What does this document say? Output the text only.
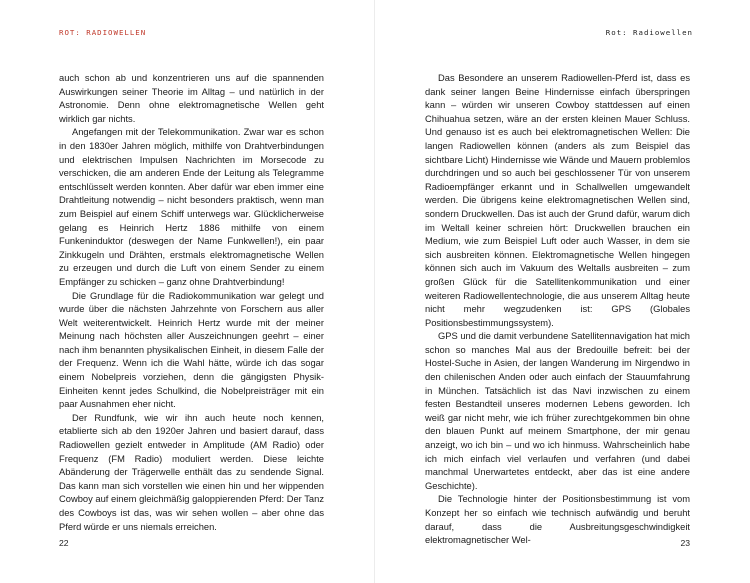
ROT: RADIOWELLEN

auch schon ab und konzentrieren uns auf die spannenden Auswirkungen seiner Theorie im Alltag – und natürlich in der Astronomie. Denn ohne elektromagnetische Wellen geht wirklich gar nichts.

Angefangen mit der Telekommunikation. Zwar war es schon in den 1830er Jahren möglich, mithilfe von Drahtverbindungen und elektrischen Impulsen Nachrichten im Morsecode zu verschicken, die am anderen Ende der Leitung als Telegramme entschlüsselt werden konnten. Aber dafür war eben immer eine Drahtleitung notwendig – nicht besonders praktisch, wenn man zum Beispiel auf einem Schiff unterwegs war. Glücklicherweise gelang es Heinrich Hertz 1886 mithilfe von einem Funkeninduktor (deswegen der Name Funkwellen!), ein paar Zinkkugeln und Drähten, erstmals elektromagnetische Wellen zu erzeugen und durch die Luft von einem Sender zu einem Empfänger zu schicken – ganz ohne Drahtverbindung!

Die Grundlage für die Radiokommunikation war gelegt und wurde über die nächsten Jahrzehnte von Forschern aus aller Welt weiterentwickelt. Heinrich Hertz wurde mit der meiner Meinung nach höchsten aller Auszeichnungen geehrt – einer nach ihm benannten physikalischen Einheit, in diesem Falle der der Frequenz. Wenn ich die Wahl hätte, würde ich das sogar einem Nobelpreis vorziehen, denn die gängigsten Physik-Einheiten kennt jedes Schulkind, die Nobelpreisträger mit ein paar Ausnahmen eher nicht.

Der Rundfunk, wie wir ihn auch heute noch kennen, etablierte sich ab den 1920er Jahren und basiert darauf, dass Radiowellen gezielt entweder in Amplitude (AM Radio) oder Frequenz (FM Radio) moduliert werden. Diese leichte Abänderung der Trägerwelle enthält das zu sendende Signal. Das kann man sich vorstellen wie einen hin und her wippenden Cowboy auf einem gleichmäßig galoppierenden Pferd: Der Tanz des Cowboys ist das, was wir sehen wollen – aber ohne das Pferd würde er uns niemals erreichen.

22
Rot: Radiowellen

Das Besondere an unserem Radiowellen-Pferd ist, dass es dank seiner langen Beine Hindernisse einfach überspringen kann – würden wir unseren Cowboy stattdessen auf einen Chihuahua setzen, wäre an der ersten kleinen Mauer Schluss. Und genauso ist es auch bei elektromagnetischen Wellen: Die langen Radiowellen können (anders als zum Beispiel das sichtbare Licht) Hindernisse wie Wände und Mauern problemlos durchdringen und so auch bei geschlossener Tür von unserem Radioempfänger erkannt und in Schallwellen umgewandelt werden. Die übrigens keine elektromagnetischen Wellen sind, sondern Druckwellen. Das ist auch der Grund dafür, warum dich im Weltall keiner schreien hört: Druckwellen brauchen ein Medium, wie zum Beispiel Luft oder auch Wasser, in dem sie sich ausbreiten können. Elektromagnetische Wellen hingegen können sich auch im Vakuum des Weltalls ausbreiten – zum großen Glück für die Satellitenkommunikation und einer weiteren Radiowellentechnologie, die aus unserem Alltag heute nicht mehr wegzudenken ist: GPS (Globales Positionsbestimmungssystem).

GPS und die damit verbundene Satellitennavigation hat mich schon so manches Mal aus der Bredouille befreit: bei der Hostel-Suche in Asien, der langen Wanderung im Nirgendwo in den chilenischen Anden oder auch einfach der Stauumfahrung in München. Tatsächlich ist das Navi inzwischen zu einem festen Bestandteil unseres modernen Lebens geworden. Ich weiß gar nicht mehr, wie ich früher zurechtgekommen bin ohne den blauen Punkt auf meinem Smartphone, der mir genau anzeigt, wo ich bin – und wo ich hinmuss. Wahrscheinlich habe ich mich einfach viel verlaufen und verfahren (und dabei manchmal Unerwartetes entdeckt, aber das ist eine andere Geschichte).

Die Technologie hinter der Positionsbestimmung ist vom Konzept her so einfach wie technisch aufwändig und beruht darauf, dass die Ausbreitungsgeschwindigkeit elektromagnetischer Wel-	23
